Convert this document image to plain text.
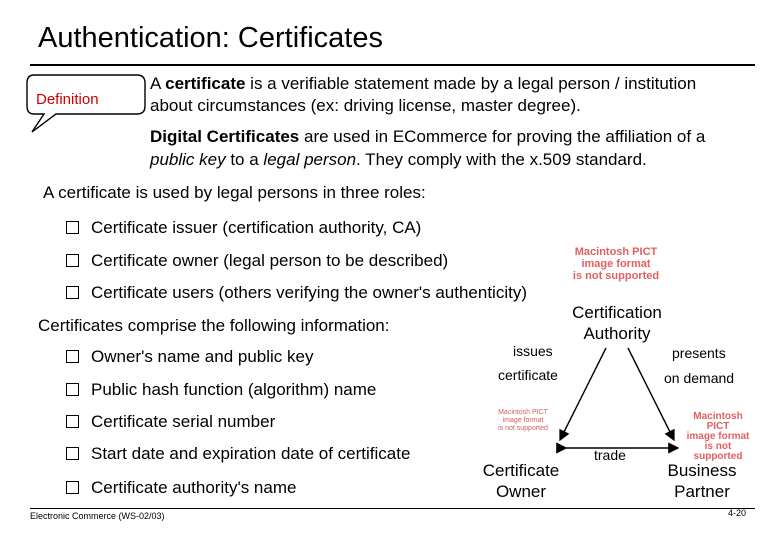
Authentication: Certificates
Definition
A certificate is a verifiable statement made by a legal person / institution
about circumstances (ex: driving license, master degree).
Digital Certificates are used in ECommerce for proving the affiliation of a
public key to a legal person. They comply with the x.509 standard.
A certificate is used by legal persons in three roles:
Certificate issuer (certification authority, CA)
Certificate owner (legal person to be described)
Certificate users (others verifying the owner's authenticity)
Certificates comprise the following information:
Owner's name and public key
Public hash function (algorithm) name
Certificate serial number
Start date and expiration date of certificate
Certificate authority's name
Macintosh PICT
image format
is not supported
Macintosh PICT
image format
is not supported
Macintosh PICT
image format
is not supported
Certification
Authority
issues
certificate
presents
on demand
trade
Certificate
Owner
Business
Partner
Electronic Commerce (WS-02/03)	4-20
